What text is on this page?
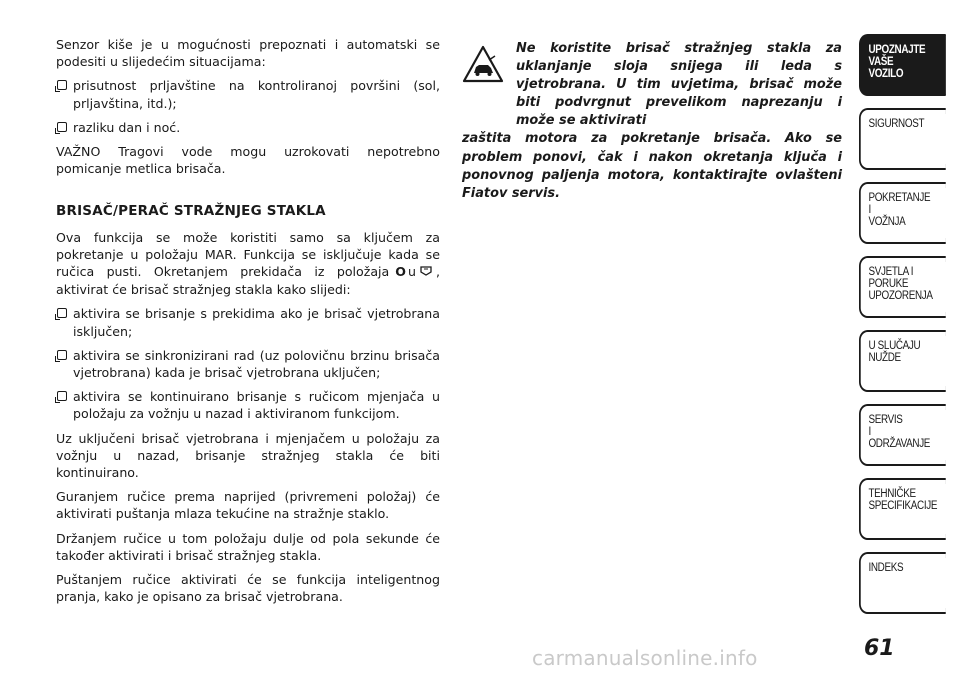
Senzor kiše je u mogućnosti prepoznati i automatski se podesiti u slijedećim situacijama:

prisutnost prljavštine na kontroliranoj površini (sol, prljavština, itd.);
razliku dan i noć.

VAŽNO Tragovi vode mogu uzrokovati nepotrebno pomicanje metlica brisača.

BRISAČ/PERAČ STRAŽNJEG STAKLA

Ova funkcija se može koristiti samo sa ključem za pokretanje u položaju MAR. Funkcija se isključuje kada se ručica pusti. Okretanjem prekidača iz položaja O u , aktivirat će brisač stražnjeg stakla kako slijedi:

aktivira se brisanje s prekidima ako je brisač vjetrobrana isključen;
aktivira se sinkronizirani rad (uz polovičnu brzinu brisača vjetrobrana) kada je brisač vjetrobrana uključen;
aktivira se kontinuirano brisanje s ručicom mjenjača u položaju za vožnju u nazad i aktiviranom funkcijom.

Uz uključeni brisač vjetrobrana i mjenjačem u položaju za vožnju u nazad, brisanje stražnjeg stakla će biti kontinuirano.

Guranjem ručice prema naprijed (privremeni položaj) će aktivirati puštanja mlaza tekućine na stražnje staklo.

Držanjem ručice u tom položaju dulje od pola sekunde će također aktivirati i brisač stražnjeg stakla.

Puštanjem ručice aktivirati će se funkcija inteligentnog pranja, kako je opisano za brisač vjetrobrana.

Ne koristite brisač stražnjeg stakla za uklanjanje sloja snijega ili leda s vjetrobrana. U tim uvjetima, brisač može biti podvrgnut prevelikom naprezanju i može se aktivirati

zaštita motora za pokretanje brisača. Ako se problem ponovi, čak i nakon okretanja ključa i ponovnog paljenja motora, kontaktirajte ovlašteni Fiatov servis.

UPOZNAJTE
VAŠE
VOZILO
SIGURNOST
POKRETANJE
I
VOŽNJA
SVJETLA I
PORUKE
UPOZORENJA
U SLUČAJU
NUŽDE
SERVIS
I
ODRŽAVANJE
TEHNIČKE
SPECIFIKACIJE
INDEKS
61
carmanualsonline.info
